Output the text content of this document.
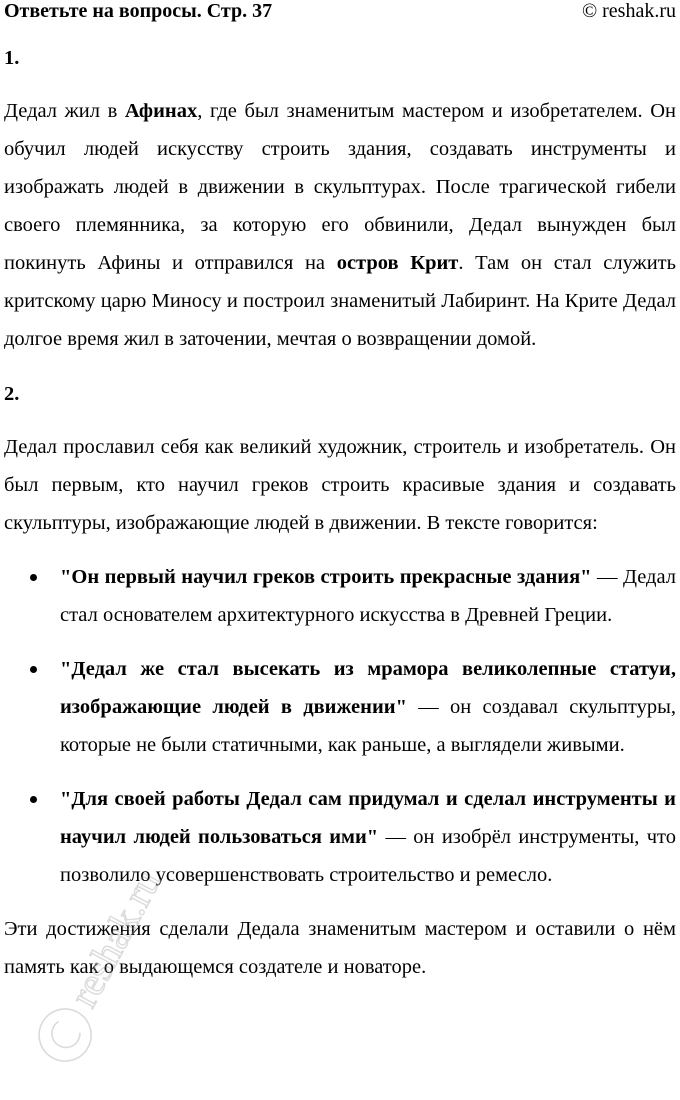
Ответьте на вопросы. Стр. 37	© reshak.ru

1.

Дедал жил в Афинах, где был знаменитым мастером и изобретателем. Он обучил людей искусству строить здания, создавать инструменты и изображать людей в движении в скульптурах. После трагической гибели своего племянника, за которую его обвинили, Дедал вынужден был покинуть Афины и отправился на остров Крит. Там он стал служить критскому царю Миносу и построил знаменитый Лабиринт. На Крите Дедал долгое время жил в заточении, мечтая о возвращении домой.

2.

Дедал прославил себя как великий художник, строитель и изобретатель. Он был первым, кто научил греков строить красивые здания и создавать скульптуры, изображающие людей в движении. В тексте говорится:

"Он первый научил греков строить прекрасные здания" — Дедал стал основателем архитектурного искусства в Древней Греции.
"Дедал же стал высекать из мрамора великолепные статуи, изображающие людей в движении" — он создавал скульптуры, которые не были статичными, как раньше, а выглядели живыми.
"Для своей работы Дедал сам придумал и сделал инструменты и научил людей пользоваться ими" — он изобрёл инструменты, что позволило усовершенствовать строительство и ремесло.

Эти достижения сделали Дедала знаменитым мастером и оставили о нём память как о выдающемся создателе и новаторе.

reshak.ru
